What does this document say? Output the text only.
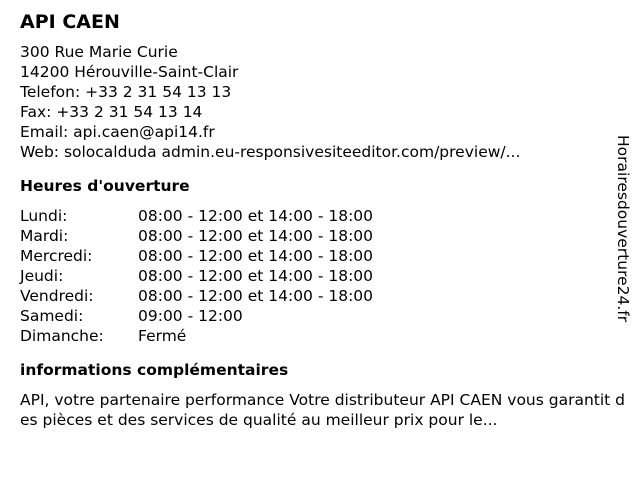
API CAEN
300 Rue Marie Curie
14200 Hérouville-Saint-Clair
Telefon: +33 2 31 54 13 13
Fax: +33 2 31 54 13 14
Email: api.caen@api14.fr
Web: solocalduda admin.eu-responsivesiteeditor.com/preview/...
Heures d'ouverture
Lundi:	08:00 - 12:00 et 14:00 - 18:00
Mardi:	08:00 - 12:00 et 14:00 - 18:00
Mercredi:	08:00 - 12:00 et 14:00 - 18:00
Jeudi:	08:00 - 12:00 et 14:00 - 18:00
Vendredi:	08:00 - 12:00 et 14:00 - 18:00
Samedi:	09:00 - 12:00
Dimanche:	Fermé
informations complémentaires
API, votre partenaire performance Votre distributeur API CAEN vous garantit des pièces et des services de qualité au meilleur prix pour le...
Horairesdouverture24.fr
